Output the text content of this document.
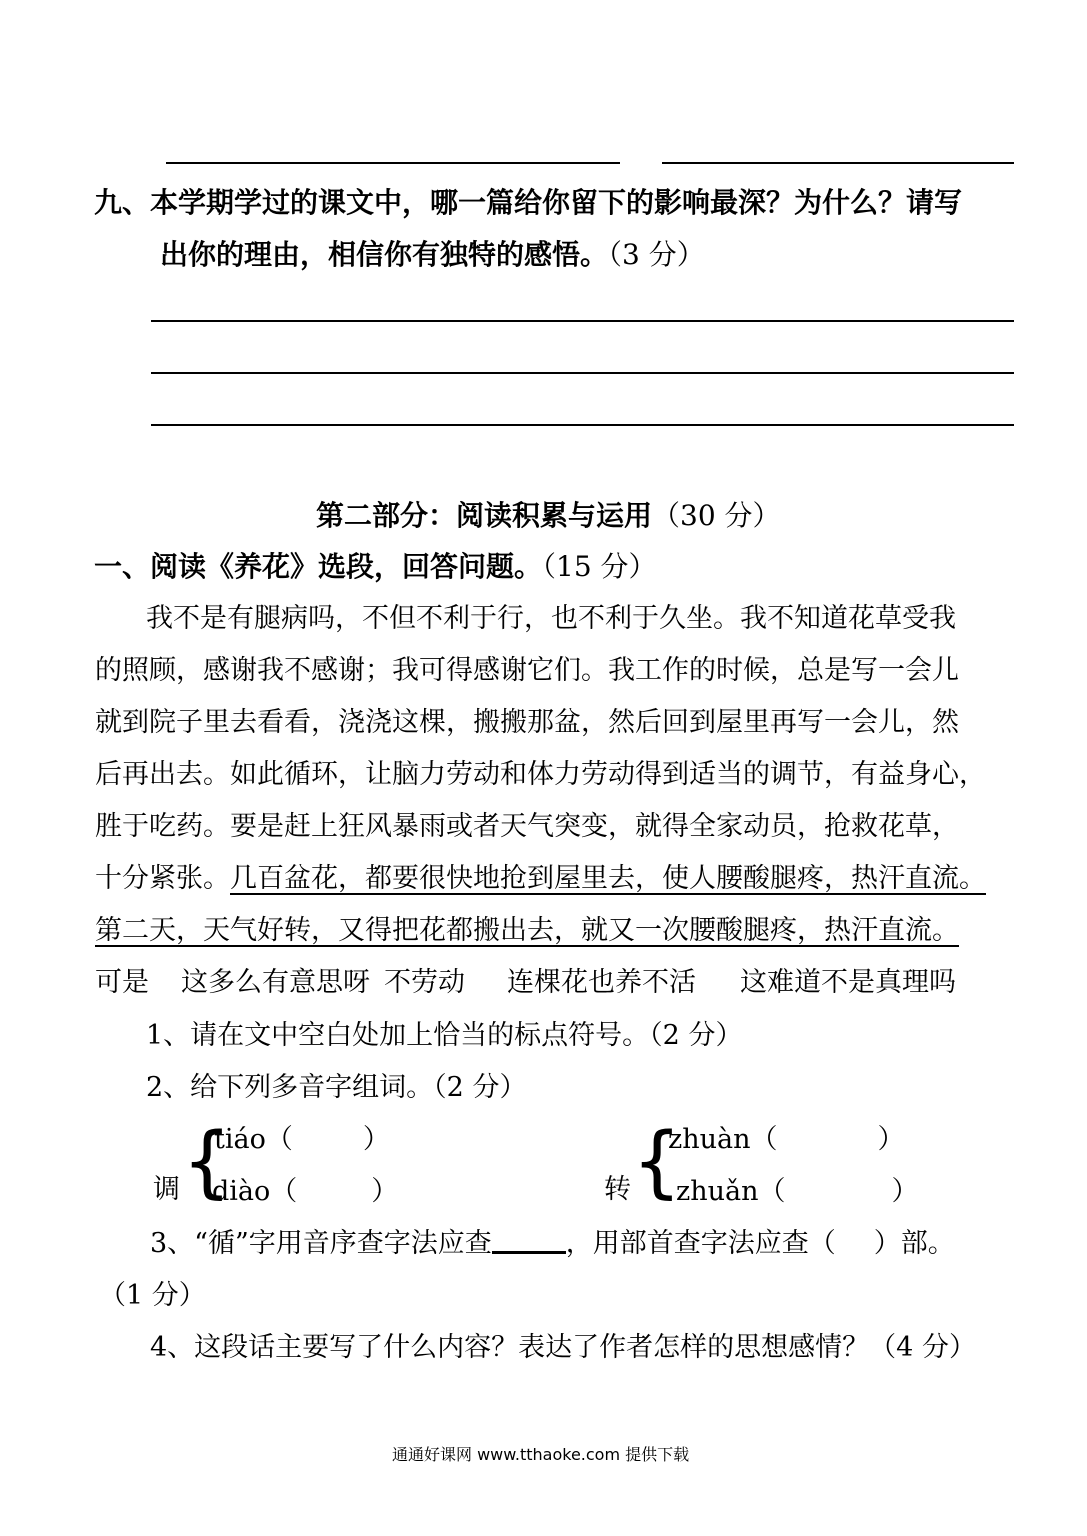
九、本学期学过的课文中，哪一篇给你留下的影响最深？为什么？请写
出你的理由，相信你有独特的感悟。（3 分）
第二部分：阅读积累与运用（30 分）
一、阅读《养花》选段，回答问题。（15 分）
我不是有腿病吗，不但不利于行，也不利于久坐。我不知道花草受我
的照顾，感谢我不感谢；我可得感谢它们。我工作的时候，总是写一会儿
就到院子里去看看，浇浇这棵，搬搬那盆，然后回到屋里再写一会儿，然
后再出去。如此循环，让脑力劳动和体力劳动得到适当的调节，有益身心，
胜于吃药。要是赶上狂风暴雨或者天气突变，就得全家动员，抢救花草，
十分紧张。几百盆花，都要很快地抢到屋里去，使人腰酸腿疼，热汗直流。
第二天，天气好转，又得把花都搬出去，就又一次腰酸腿疼，热汗直流。
可是 这多么有意思呀 不劳动 连棵花也养不活 这难道不是真理吗
1、请在文中空白处加上恰当的标点符号。（2 分）
2、给下列多音字组词。（2 分）
{
调
tiáo（	）
diào（	）	{
转
zhuàn（	）
zhuǎn（	）
3、“循”字用音序查字法应查	，用部首查字法应查（ ）部。
（1 分）
4、这段话主要写了什么内容？表达了作者怎样的思想感情？（4 分）
通通好课网 www.tthaoke.com 提供下载
